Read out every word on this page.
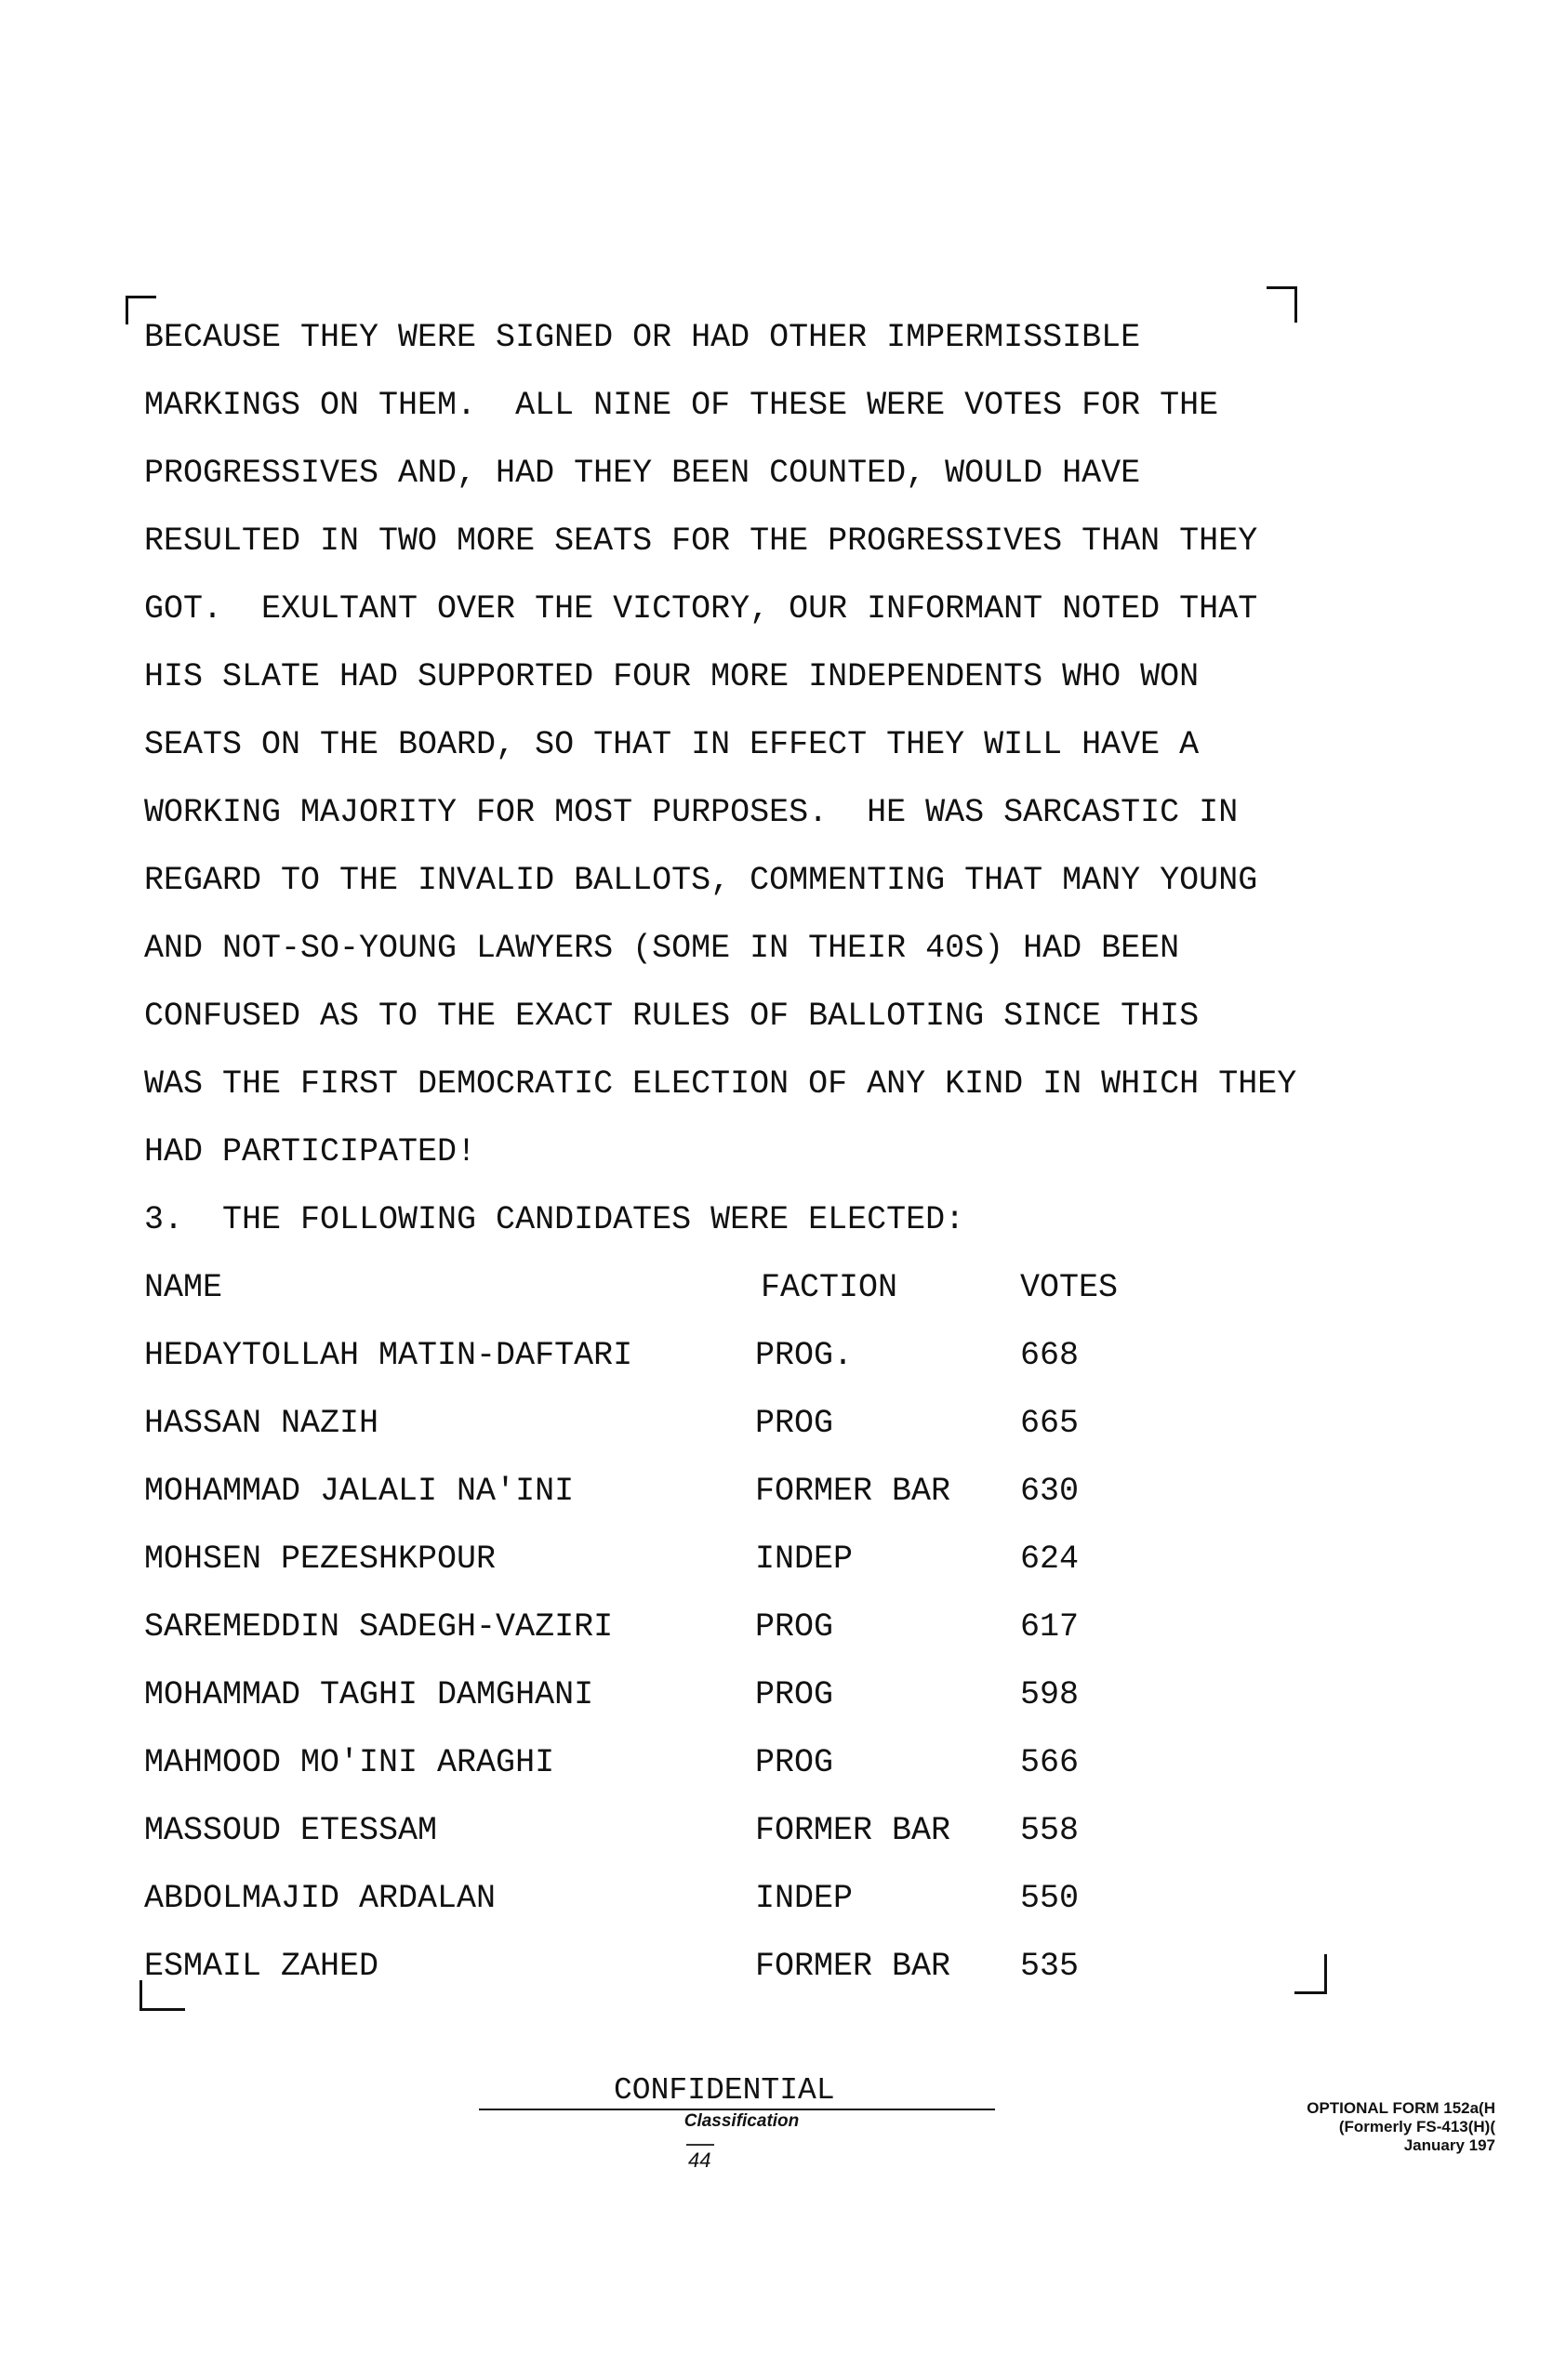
BECAUSE THEY WERE SIGNED OR HAD OTHER IMPERMISSIBLE
MARKINGS ON THEM.  ALL NINE OF THESE WERE VOTES FOR THE
PROGRESSIVES AND, HAD THEY BEEN COUNTED, WOULD HAVE
RESULTED IN TWO MORE SEATS FOR THE PROGRESSIVES THAN THEY
GOT.  EXULTANT OVER THE VICTORY, OUR INFORMANT NOTED THAT
HIS SLATE HAD SUPPORTED FOUR MORE INDEPENDENTS WHO WON
SEATS ON THE BOARD, SO THAT IN EFFECT THEY WILL HAVE A
WORKING MAJORITY FOR MOST PURPOSES.  HE WAS SARCASTIC IN
REGARD TO THE INVALID BALLOTS, COMMENTING THAT MANY YOUNG
AND NOT-SO-YOUNG LAWYERS (SOME IN THEIR 40S) HAD BEEN
CONFUSED AS TO THE EXACT RULES OF BALLOTING SINCE THIS
WAS THE FIRST DEMOCRATIC ELECTION OF ANY KIND IN WHICH THEY
HAD PARTICIPATED!
3.  THE FOLLOWING CANDIDATES WERE ELECTED:
NAME	FACTION	VOTES
HEDAYTOLLAH MATIN-DAFTARI	PROG.	668
HASSAN NAZIH	PROG	665
MOHAMMAD JALALI NA'INI	FORMER BAR 630
MOHSEN PEZESHKPOUR	INDEP	624
SAREMEDDIN SADEGH-VAZIRI	PROG	617
MOHAMMAD TAGHI DAMGHANI	PROG	598
MAHMOOD MO'INI ARAGHI	PROG	566
MASSOUD ETESSAM	FORMER BAR 558
ABDOLMAJID ARDALAN	INDEP	550
ESMAIL ZAHED	FORMER BAR 535
CONFIDENTIAL
Classification
44
OPTIONAL FORM 152a(H
(Formerly FS-413(H)(
January 197
